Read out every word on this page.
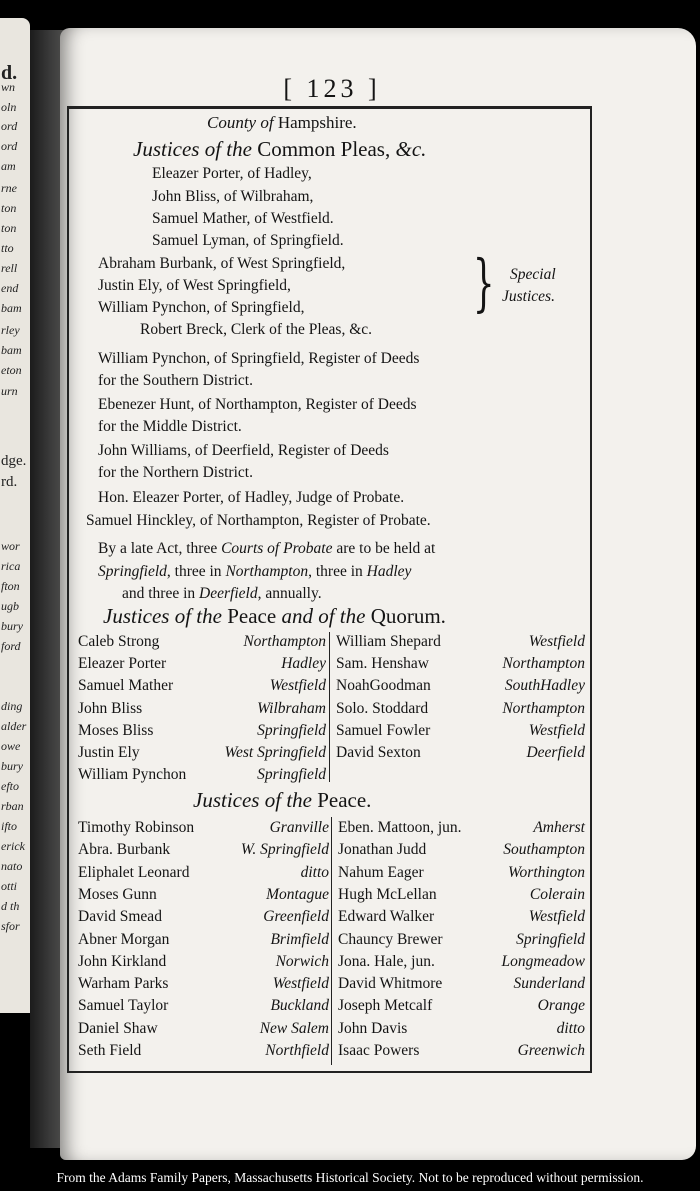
d.
wn
oln
ord
ord
am
rne
ton
ton
tto
rell
end
bam
rley
bam
eton
urn
dge.
rd.
wor
rica
fton
ugb
bury
ford
ding
alder
owe
bury
efto
rban
ifto
erick
nato
otti
d th
sfor
[ 123 ]
County of Hampshire.
Justices of the Common Pleas, &c.
Eleazer Porter, of Hadley,
John Bliss, of Wilbraham,
Samuel Mather, of Westfield.
Samuel Lyman, of Springfield.
Abraham Burbank, of West Springfield,
Justin Ely, of West Springfield,
William Pynchon, of Springfield,	} Special
Justices.
Robert Breck, Clerk of the Pleas, &c.
William Pynchon, of Springfield, Register of Deeds
for the Southern District.
Ebenezer Hunt, of Northampton, Register of Deeds
for the Middle District.
John Williams, of Deerfield, Register of Deeds
for the Northern District.
Hon. Eleazer Porter, of Hadley, Judge of Probate.
Samuel Hinckley, of Northampton, Register of Probate.
By a late Act, three Courts of Probate are to be held at
Springfield, three in Northampton, three in Hadley
and three in Deerfield, annually.
Justices of the Peace and of the Quorum.
Caleb Strong	Northampton William Shepard	Westfield
Eleazer Porter	Hadley Sam. Henshaw	Northampton
Samuel Mather	Westfield NoahGoodman	SouthHadley
John Bliss	Wilbraham Solo. Stoddard	Northampton
Moses Bliss	Springfield Samuel Fowler	Westfield
Justin Ely	West Springfield David Sexton	Deerfield
William Pynchon	Springfield
Justices of the Peace.
Timothy Robinson	Granville Eben. Mattoon, jun.	Amherst
Abra. Burbank	W. Springfield Jonathan Judd	Southampton
Eliphalet Leonard	ditto Nahum Eager	Worthington
Moses Gunn	Montague Hugh McLellan	Colerain
David Smead	Greenfield Edward Walker	Westfield
Abner Morgan	Brimfield Chauncy Brewer	Springfield
John Kirkland	Norwich Jona. Hale, jun.	Longmeadow
Warham Parks	Westfield David Whitmore	Sunderland
Samuel Taylor	Buckland Joseph Metcalf	Orange
Daniel Shaw	New Salem John Davis	ditto
Seth Field	Northfield Isaac Powers	Greenwich
From the Adams Family Papers, Massachusetts Historical Society. Not to be reproduced without permission.
